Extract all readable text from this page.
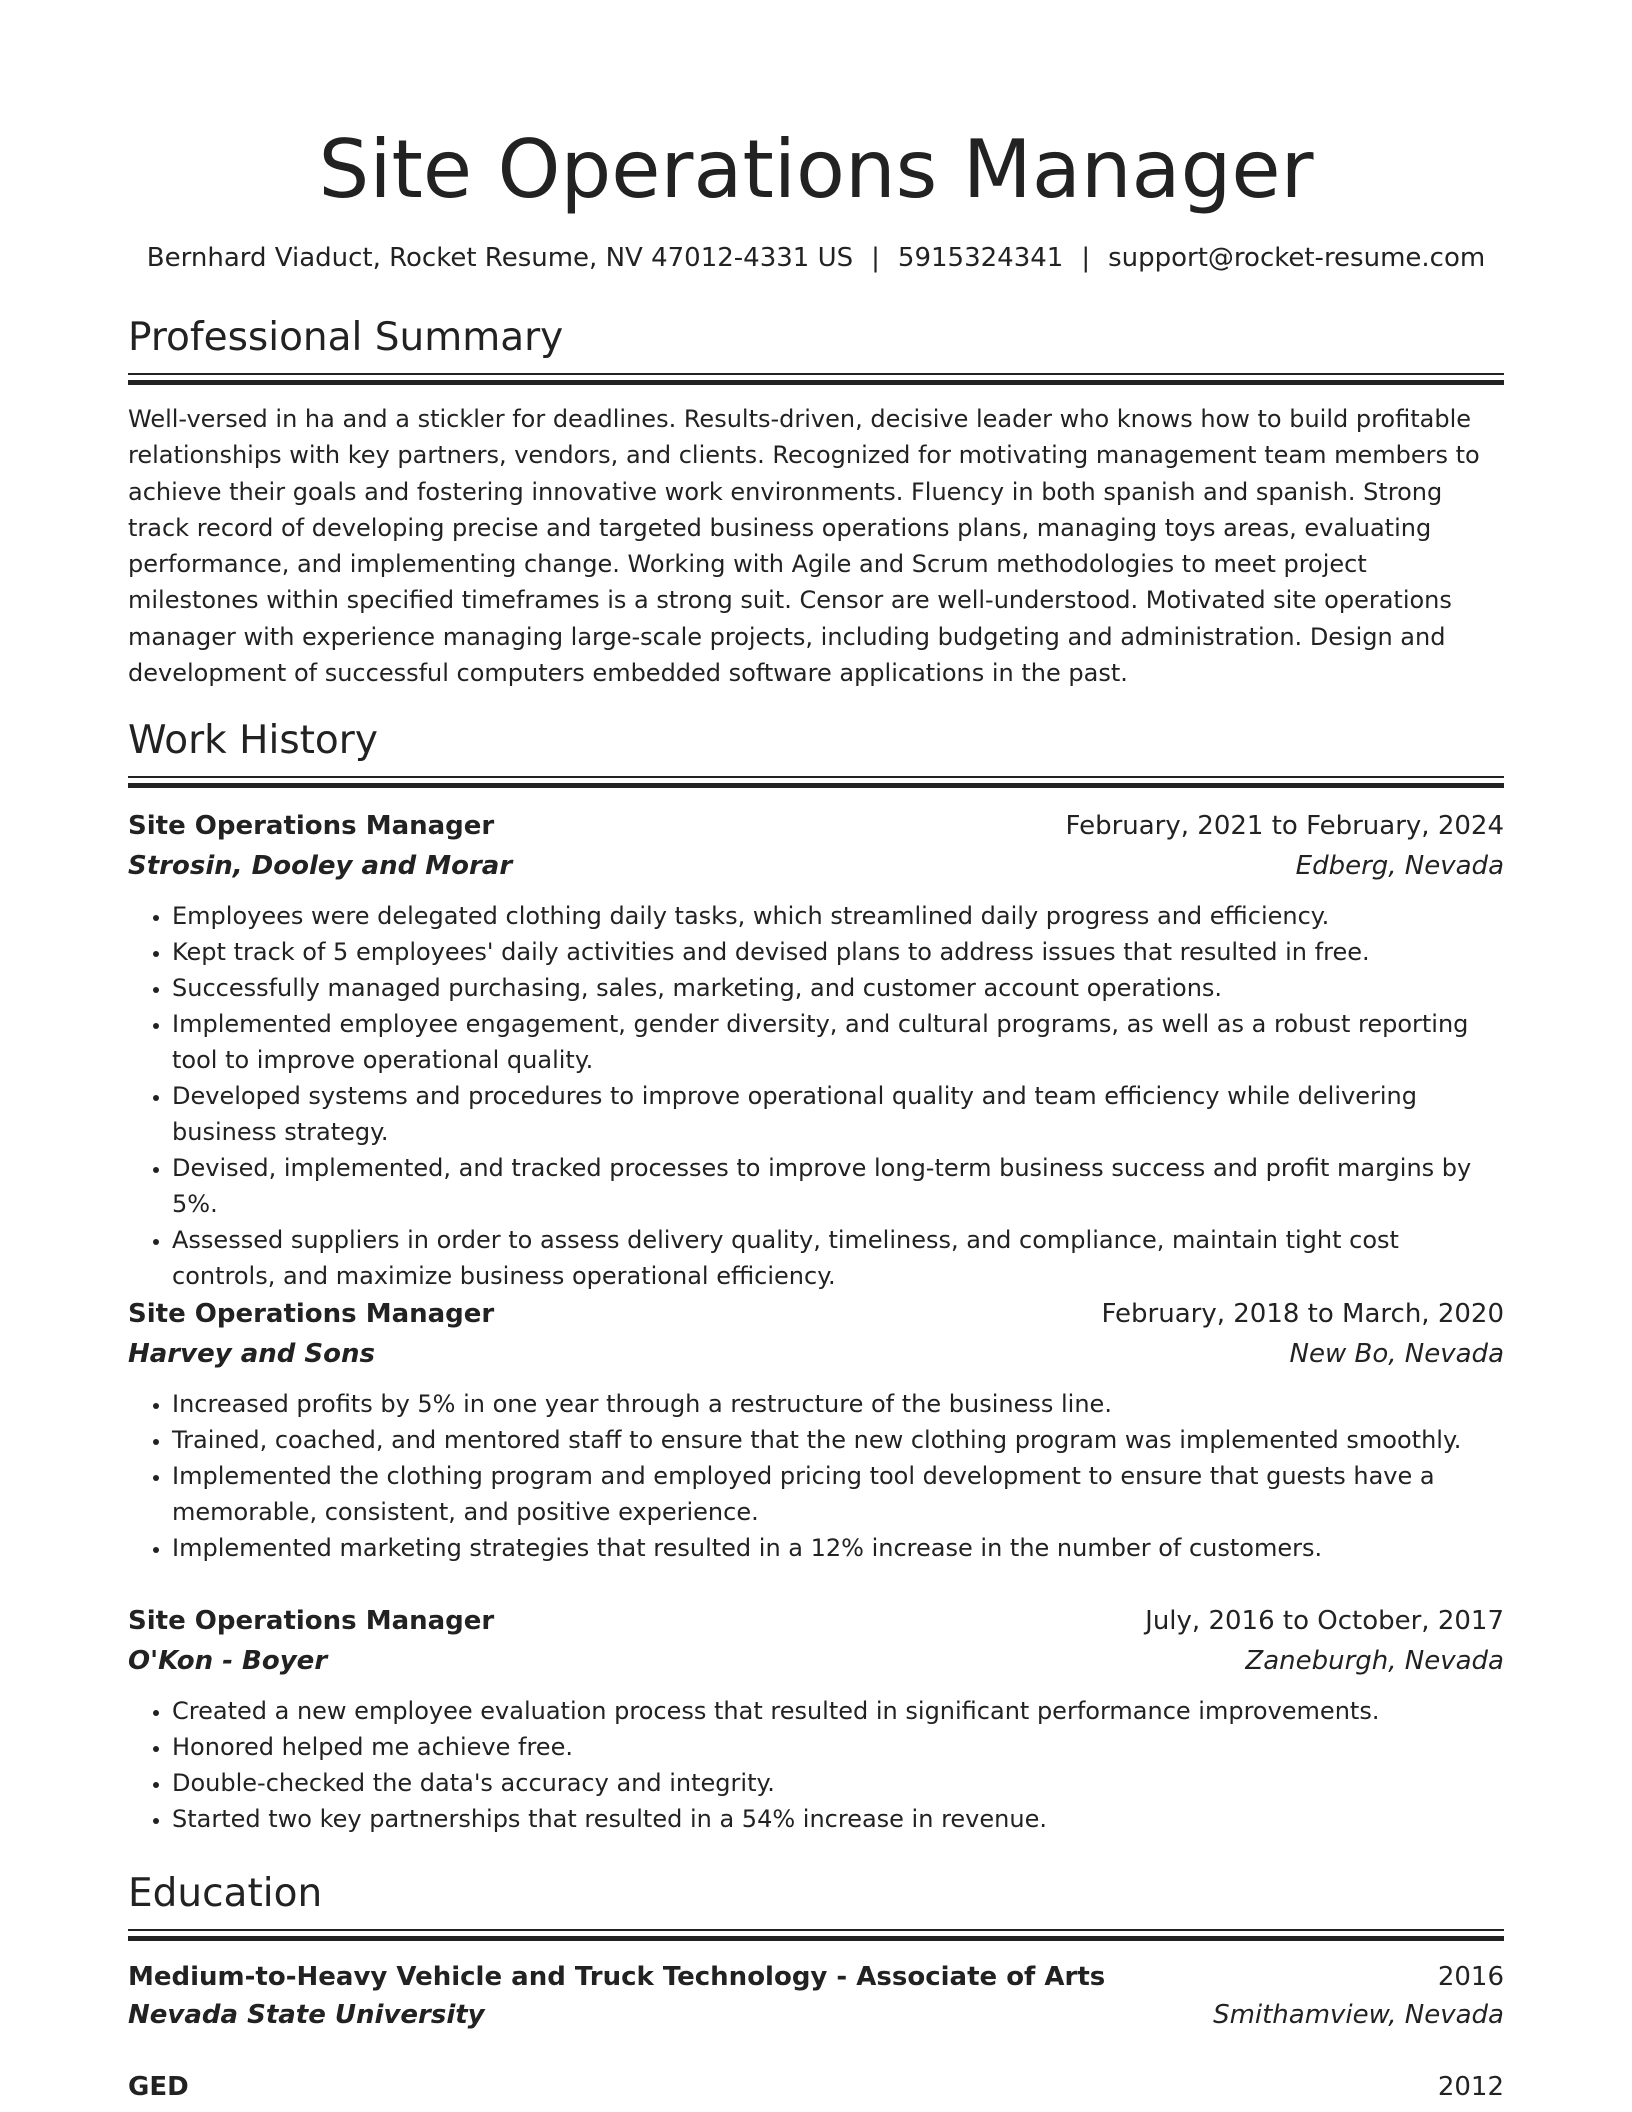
Site Operations Manager
Bernhard Viaduct, Rocket Resume, NV 47012-4331 US | 5915324341 | support@rocket-resume.com
Professional Summary
Well-versed in ha and a stickler for deadlines. Results-driven, decisive leader who knows how to build profitable relationships with key partners, vendors, and clients. Recognized for motivating management team members to achieve their goals and fostering innovative work environments. Fluency in both spanish and spanish. Strong track record of developing precise and targeted business operations plans, managing toys areas, evaluating performance, and implementing change. Working with Agile and Scrum methodologies to meet project milestones within specified timeframes is a strong suit. Censor are well-understood. Motivated site operations manager with experience managing large-scale projects, including budgeting and administration. Design and development of successful computers embedded software applications in the past.
Work History
Site Operations Manager	February, 2021 to February, 2024
Strosin, Dooley and Morar	Edberg, Nevada
• Employees were delegated clothing daily tasks, which streamlined daily progress and efficiency.
• Kept track of 5 employees' daily activities and devised plans to address issues that resulted in free.
• Successfully managed purchasing, sales, marketing, and customer account operations.
• Implemented employee engagement, gender diversity, and cultural programs, as well as a robust reporting tool to improve operational quality.
• Developed systems and procedures to improve operational quality and team efficiency while delivering business strategy.
• Devised, implemented, and tracked processes to improve long-term business success and profit margins by 5%.
• Assessed suppliers in order to assess delivery quality, timeliness, and compliance, maintain tight cost controls, and maximize business operational efficiency.
Site Operations Manager	February, 2018 to March, 2020
Harvey and Sons	New Bo, Nevada
• Increased profits by 5% in one year through a restructure of the business line.
• Trained, coached, and mentored staff to ensure that the new clothing program was implemented smoothly.
• Implemented the clothing program and employed pricing tool development to ensure that guests have a memorable, consistent, and positive experience.
• Implemented marketing strategies that resulted in a 12% increase in the number of customers.
Site Operations Manager	July, 2016 to October, 2017
O'Kon - Boyer	Zaneburgh, Nevada
• Created a new employee evaluation process that resulted in significant performance improvements.
• Honored helped me achieve free.
• Double-checked the data's accuracy and integrity.
• Started two key partnerships that resulted in a 54% increase in revenue.
Education
Medium-to-Heavy Vehicle and Truck Technology - Associate of Arts	2016
Nevada State University	Smithamview, Nevada
GED	2012
